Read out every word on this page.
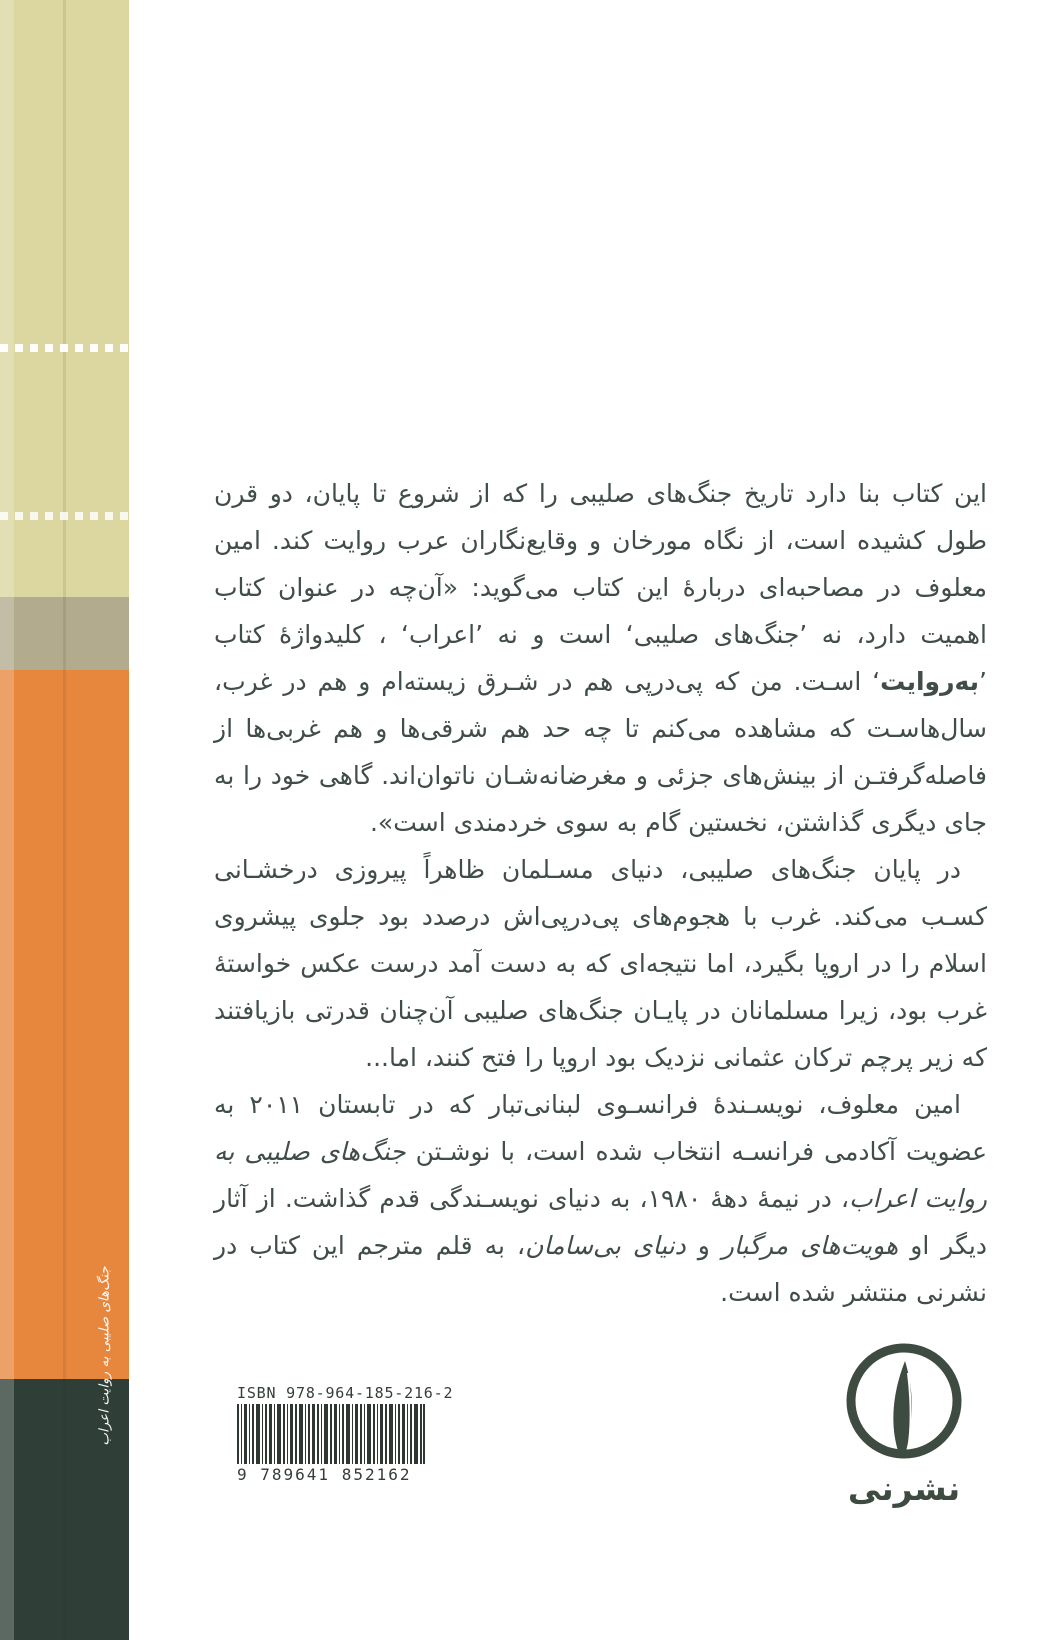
جنگ‌های صلیبی به روایت اعراب

این کتاب بنا دارد تاریخ جنگ‌های صلیبی را که از شروع تا پایان، دو قرن طول کشیده است، از نگاه مورخان و وقایع‌نگاران عرب روایت کند. امین معلوف در مصاحبه‌ای دربارهٔ این کتاب می‌گوید: «آن‌چه در عنوان کتاب اهمیت دارد، نه ’جنگ‌های صلیبی‘ است و نه ’اعراب‘ ، کلیدواژهٔ کتاب ’به‌روایت‘ اسـت. من که پی‌درپی هم در شـرق زیسته‌ام و هم در غرب، سال‌هاسـت که مشاهده می‌کنم تا چه حد هم شرقی‌ها و هم غربی‌ها از فاصله‌گرفتـن از بینش‌های جزئی و مغرضانه‌شـان ناتوان‌اند. گاهی خود را به جای دیگری گذاشتن، نخستین گام به سوی خردمندی است».

در پایان جنگ‌های صلیبی، دنیای مسـلمان ظاهراً پیروزی درخشـانی کسـب می‌کند. غرب با هجوم‌های پی‌درپی‌اش درصدد بود جلوی پیشروی اسلام را در اروپا بگیرد، اما نتیجه‌ای که به دست آمد درست عکس خواستهٔ غرب بود، زیرا مسلمانان در پایـان جنگ‌های صلیبی آن‌چنان قدرتی بازیافتند که زیر پرچم ترکان عثمانی نزدیک بود اروپا را فتح کنند، اما...

امین معلوف، نویسـندهٔ فرانسـوی لبنانی‌تبار که در تابستان ۲۰۱۱ به عضویت آکادمی فرانسـه انتخاب شده است، با نوشـتن جنگ‌های صلیبی به روایت اعراب، در نیمهٔ دههٔ ۱۹۸۰، به دنیای نویسـندگی قدم گذاشت. از آثار دیگر او هویت‌های مرگبار و دنیای بی‌سامان، به قلم مترجم این کتاب در نشرنی منتشر شده است.

ISBN 978-964-185-216-2
9 789641 852162	نشرنی
